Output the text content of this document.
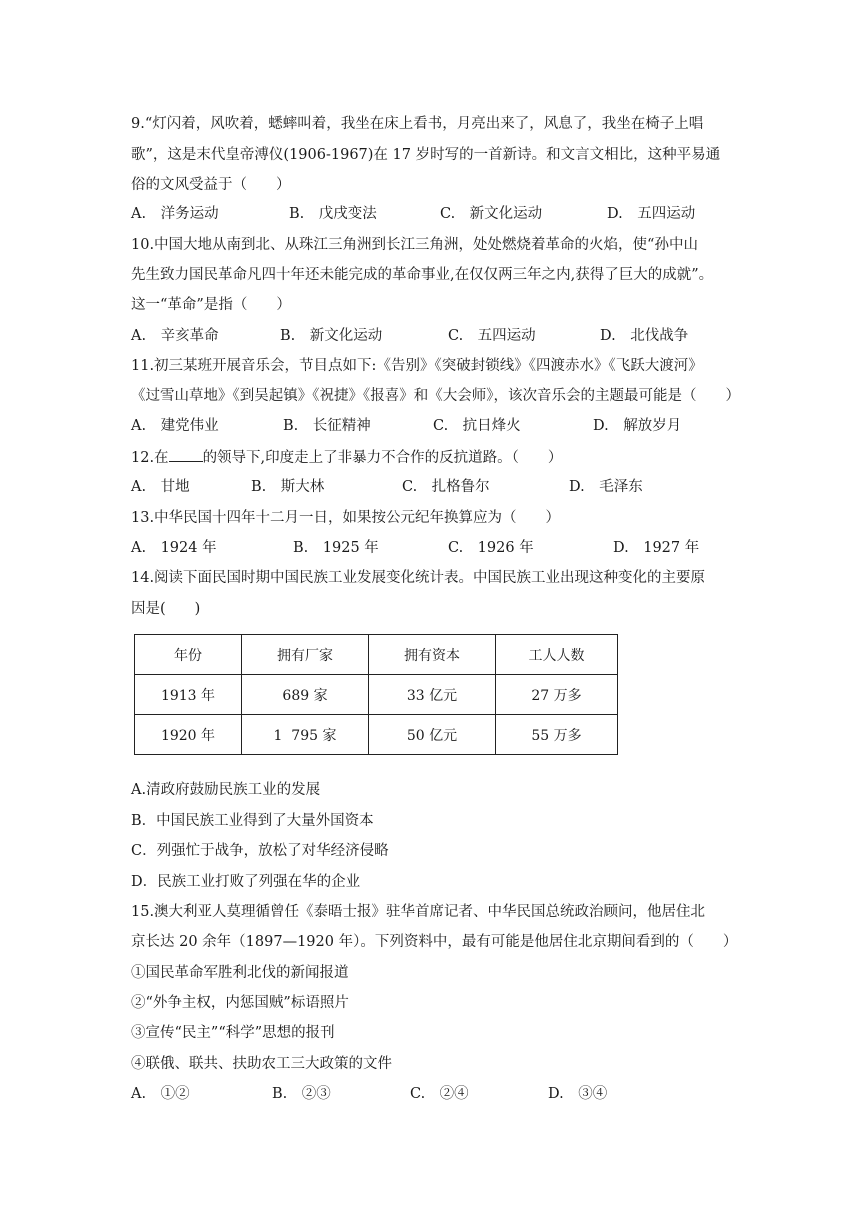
9.“灯闪着，风吹着，蟋蟀叫着，我坐在床上看书，月亮出来了，风息了，我坐在椅子上唱
歌”，这是末代皇帝溥仪(1906-1967)在 17 岁时写的一首新诗。和文言文相比，这种平易通
俗的文风受益于（　　）
A.　洋务运动	B.　戊戌变法	C.　新文化运动	D.　五四运动
10.中国大地从南到北、从珠江三角洲到长江三角洲，处处燃烧着革命的火焰，使“孙中山
先生致力国民革命凡四十年还未能完成的革命事业,在仅仅两三年之内,获得了巨大的成就”。
这一“革命”是指（　　）
A.　辛亥革命	B.　新文化运动	C.　五四运动	D.　北伐战争
11.初三某班开展音乐会，节目点如下:《告别》《突破封锁线》《四渡赤水》《飞跃大渡河》
《过雪山草地》《到吴起镇》《祝捷》《报喜》和《大会师》，该次音乐会的主题最可能是（　　）
A.　建党伟业	B.　长征精神	C.　抗日烽火	D.　解放岁月
12.在 的领导下,印度走上了非暴力不合作的反抗道路。（　　）
A.　甘地	B.　斯大林	C.　扎格鲁尔	D.　毛泽东
13.中华民国十四年十二月一日，如果按公元纪年换算应为（　　）
A.　1924 年	B.　1925 年	C.　1926 年	D.　1927 年
14.阅读下面民国时期中国民族工业发展变化统计表。中国民族工业出现这种变化的主要原
因是(　　)
年份	拥有厂家	拥有资本	工人人数
1913 年	689 家	33 亿元	27 万多
1920 年	1  795 家	50 亿元	55 万多
A.清政府鼓励民族工业的发展
B．中国民族工业得到了大量外国资本
C．列强忙于战争，放松了对华经济侵略
D．民族工业打败了列强在华的企业
15.澳大利亚人莫理循曾任《泰晤士报》驻华首席记者、中华民国总统政治顾问，他居住北
京长达 20 余年（1897—1920 年）。下列资料中，最有可能是他居住北京期间看到的（　　）
①国民革命军胜利北伐的新闻报道
②“外争主权，内惩国贼”标语照片
③宣传“民主”“科学”思想的报刊
④联俄、联共、扶助农工三大政策的文件
A.　①②	B.　②③	C.　②④	D.　③④
